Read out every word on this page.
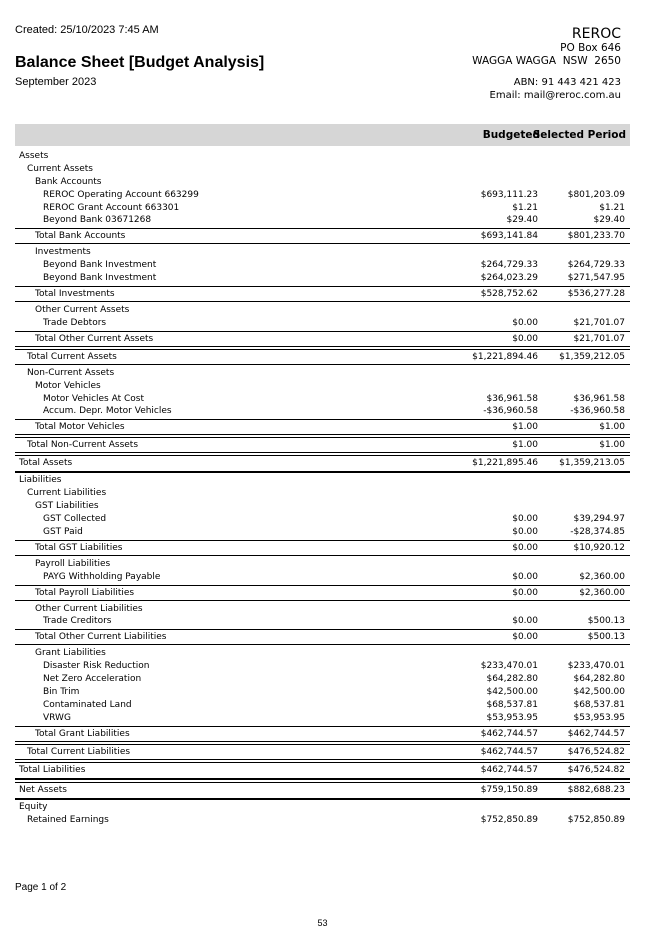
Created: 25/10/2023 7:45 AM
Balance Sheet [Budget Analysis]
September 2023
REROC
PO Box 646
WAGGA WAGGA  NSW  2650
ABN: 91 443 421 423
Email: mail@reroc.com.au
Budgeted
Selected Period
Assets
Current Assets
Bank Accounts
REROC Operating Account 663299	$693,111.23	$801,203.09
REROC Grant Account 663301	$1.21	$1.21
Beyond Bank 03671268	$29.40	$29.40
Total Bank Accounts	$693,141.84	$801,233.70
Investments
Beyond Bank Investment	$264,729.33	$264,729.33
Beyond Bank Investment	$264,023.29	$271,547.95
Total Investments	$528,752.62	$536,277.28
Other Current Assets
Trade Debtors	$0.00	$21,701.07
Total Other Current Assets	$0.00	$21,701.07
Total Current Assets	$1,221,894.46 $1,359,212.05
Non-Current Assets
Motor Vehicles
Motor Vehicles At Cost	$36,961.58	$36,961.58
Accum. Depr. Motor Vehicles	-$36,960.58	-$36,960.58
Total Motor Vehicles	$1.00	$1.00
Total Non-Current Assets	$1.00	$1.00
Total Assets	$1,221,895.46 $1,359,213.05
Liabilities
Current Liabilities
GST Liabilities
GST Collected	$0.00	$39,294.97
GST Paid	$0.00	-$28,374.85
Total GST Liabilities	$0.00	$10,920.12
Payroll Liabilities
PAYG Withholding Payable	$0.00	$2,360.00
Total Payroll Liabilities	$0.00	$2,360.00
Other Current Liabilities
Trade Creditors	$0.00	$500.13
Total Other Current Liabilities	$0.00	$500.13
Grant Liabilities
Disaster Risk Reduction	$233,470.01	$233,470.01
Net Zero Acceleration	$64,282.80	$64,282.80
Bin Trim	$42,500.00	$42,500.00
Contaminated Land	$68,537.81	$68,537.81
VRWG	$53,953.95	$53,953.95
Total Grant Liabilities	$462,744.57	$462,744.57
Total Current Liabilities	$462,744.57	$476,524.82
Total Liabilities	$462,744.57	$476,524.82
Net Assets	$759,150.89	$882,688.23
Equity
Retained Earnings	$752,850.89	$752,850.89
Page 1 of 2
53
